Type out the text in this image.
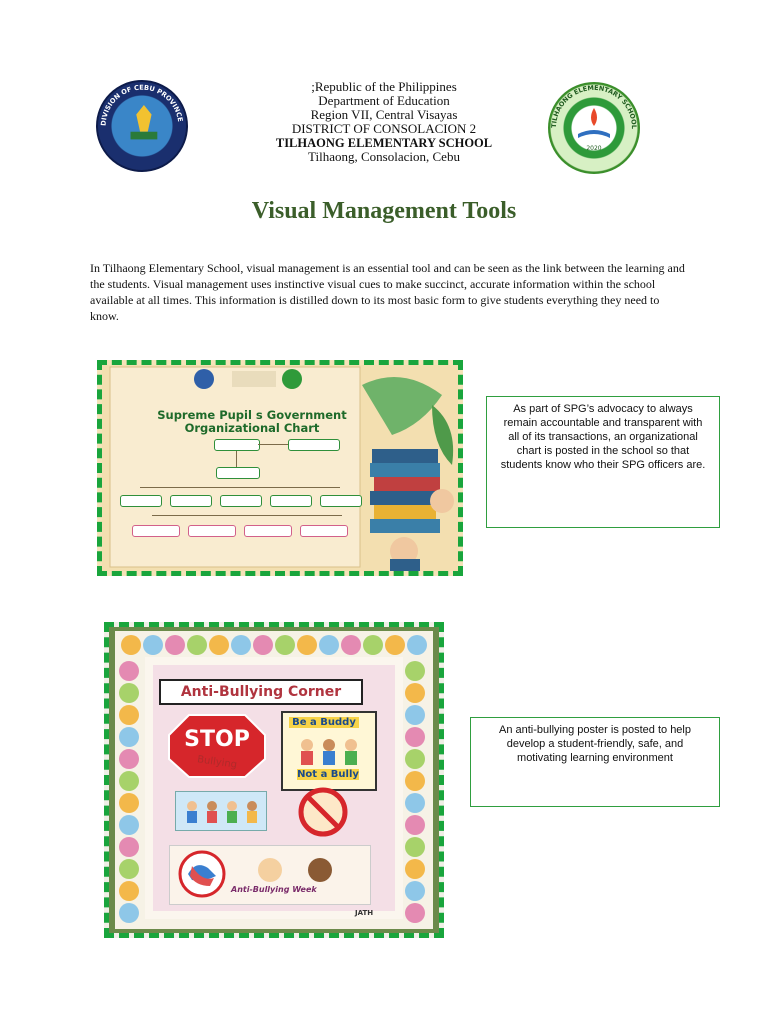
DIVISION OF CEBU PROVINCE
TILHAONG ELEMENTARY SCHOOL
2020
;Republic of the Philippines
Department of Education
Region VII, Central Visayas
DISTRICT OF CONSOLACION 2
TILHAONG ELEMENTARY SCHOOL
Tilhaong, Consolacion, Cebu
Visual Management Tools
In Tilhaong Elementary School, visual management is an essential tool and can be seen as the link between the learning and the students. Visual management uses instinctive visual cues to make succinct, accurate information within the school available at all times. This information is distilled down to its most basic form to give students everything they need to know.
Supreme Pupil s Government
Organizational Chart
As part of SPG’s advocacy to always remain accountable and transparent with all of its transactions, an organizational chart is posted in the school so that students know who their SPG officers are.
Anti-Bullying Corner
STOP
Bullying
Be a Buddy
Not a Bully
Anti-Bullying Week
JATH
An anti-bullying poster is posted to help develop a student-friendly, safe, and motivating learning environment
